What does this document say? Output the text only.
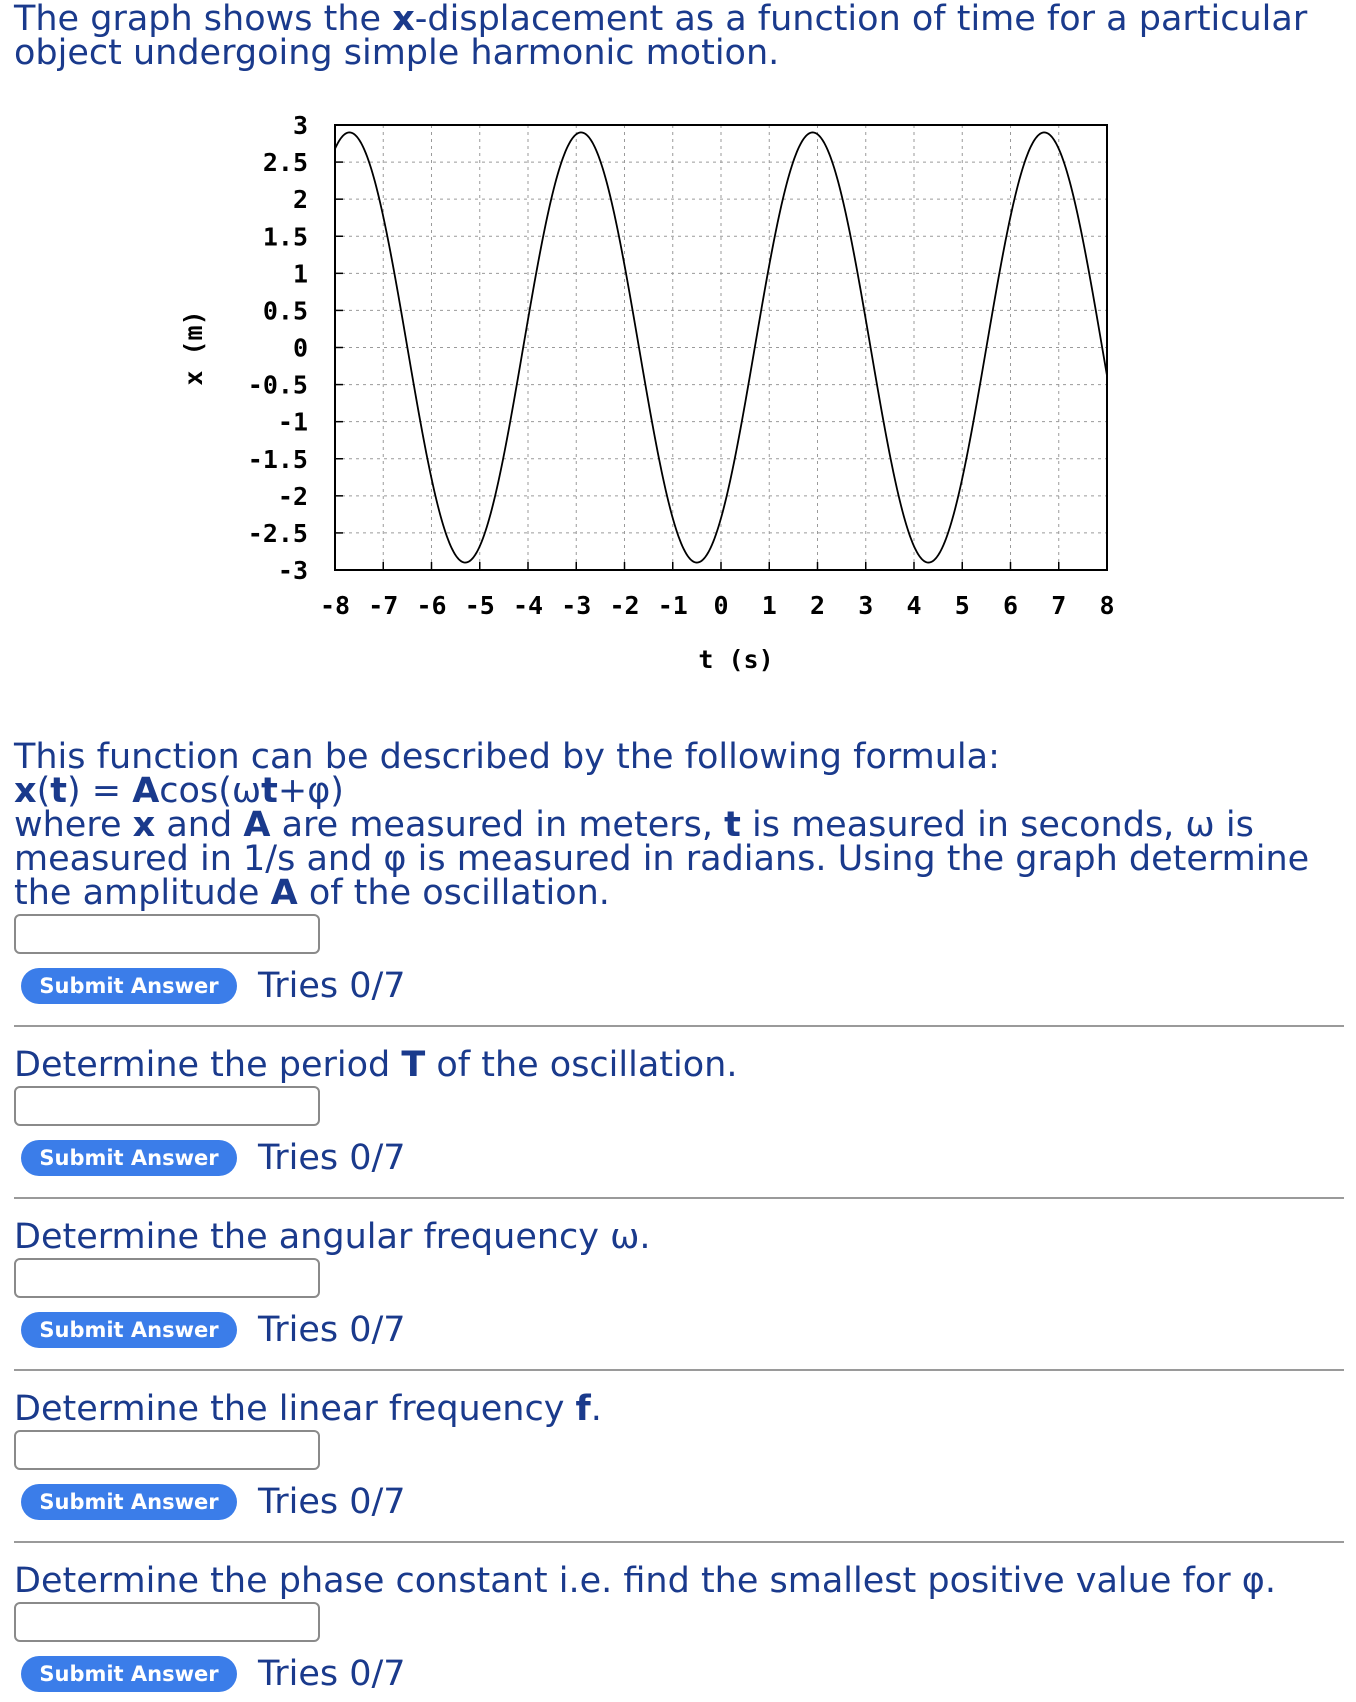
The graph shows the x-displacement as a function of time for a particular object undergoing simple harmonic motion.
3
2.5
2
1.5
1
0.5
0
-0.5
-1
-1.5
-2
-2.5
-3
-8 -7 -6 -5 -4 -3 -2 -1 0 1 2 3 4 5 6 7 8
x (m)
t (s)

This function can be described by the following formula:

x(t) = Acos(ωt+φ)

where x and A are measured in meters, t is measured in seconds, ω is measured in 1/s and φ is measured in radians. Using the graph determine the amplitude A of the oscillation.

Submit Answer	Tries 0/7

Determine the period T of the oscillation.

Submit Answer	Tries 0/7

Determine the angular frequency ω.

Submit Answer	Tries 0/7

Determine the linear frequency f.

Submit Answer	Tries 0/7

Determine the phase constant i.e. find the smallest positive value for φ.

Submit Answer	Tries 0/7
